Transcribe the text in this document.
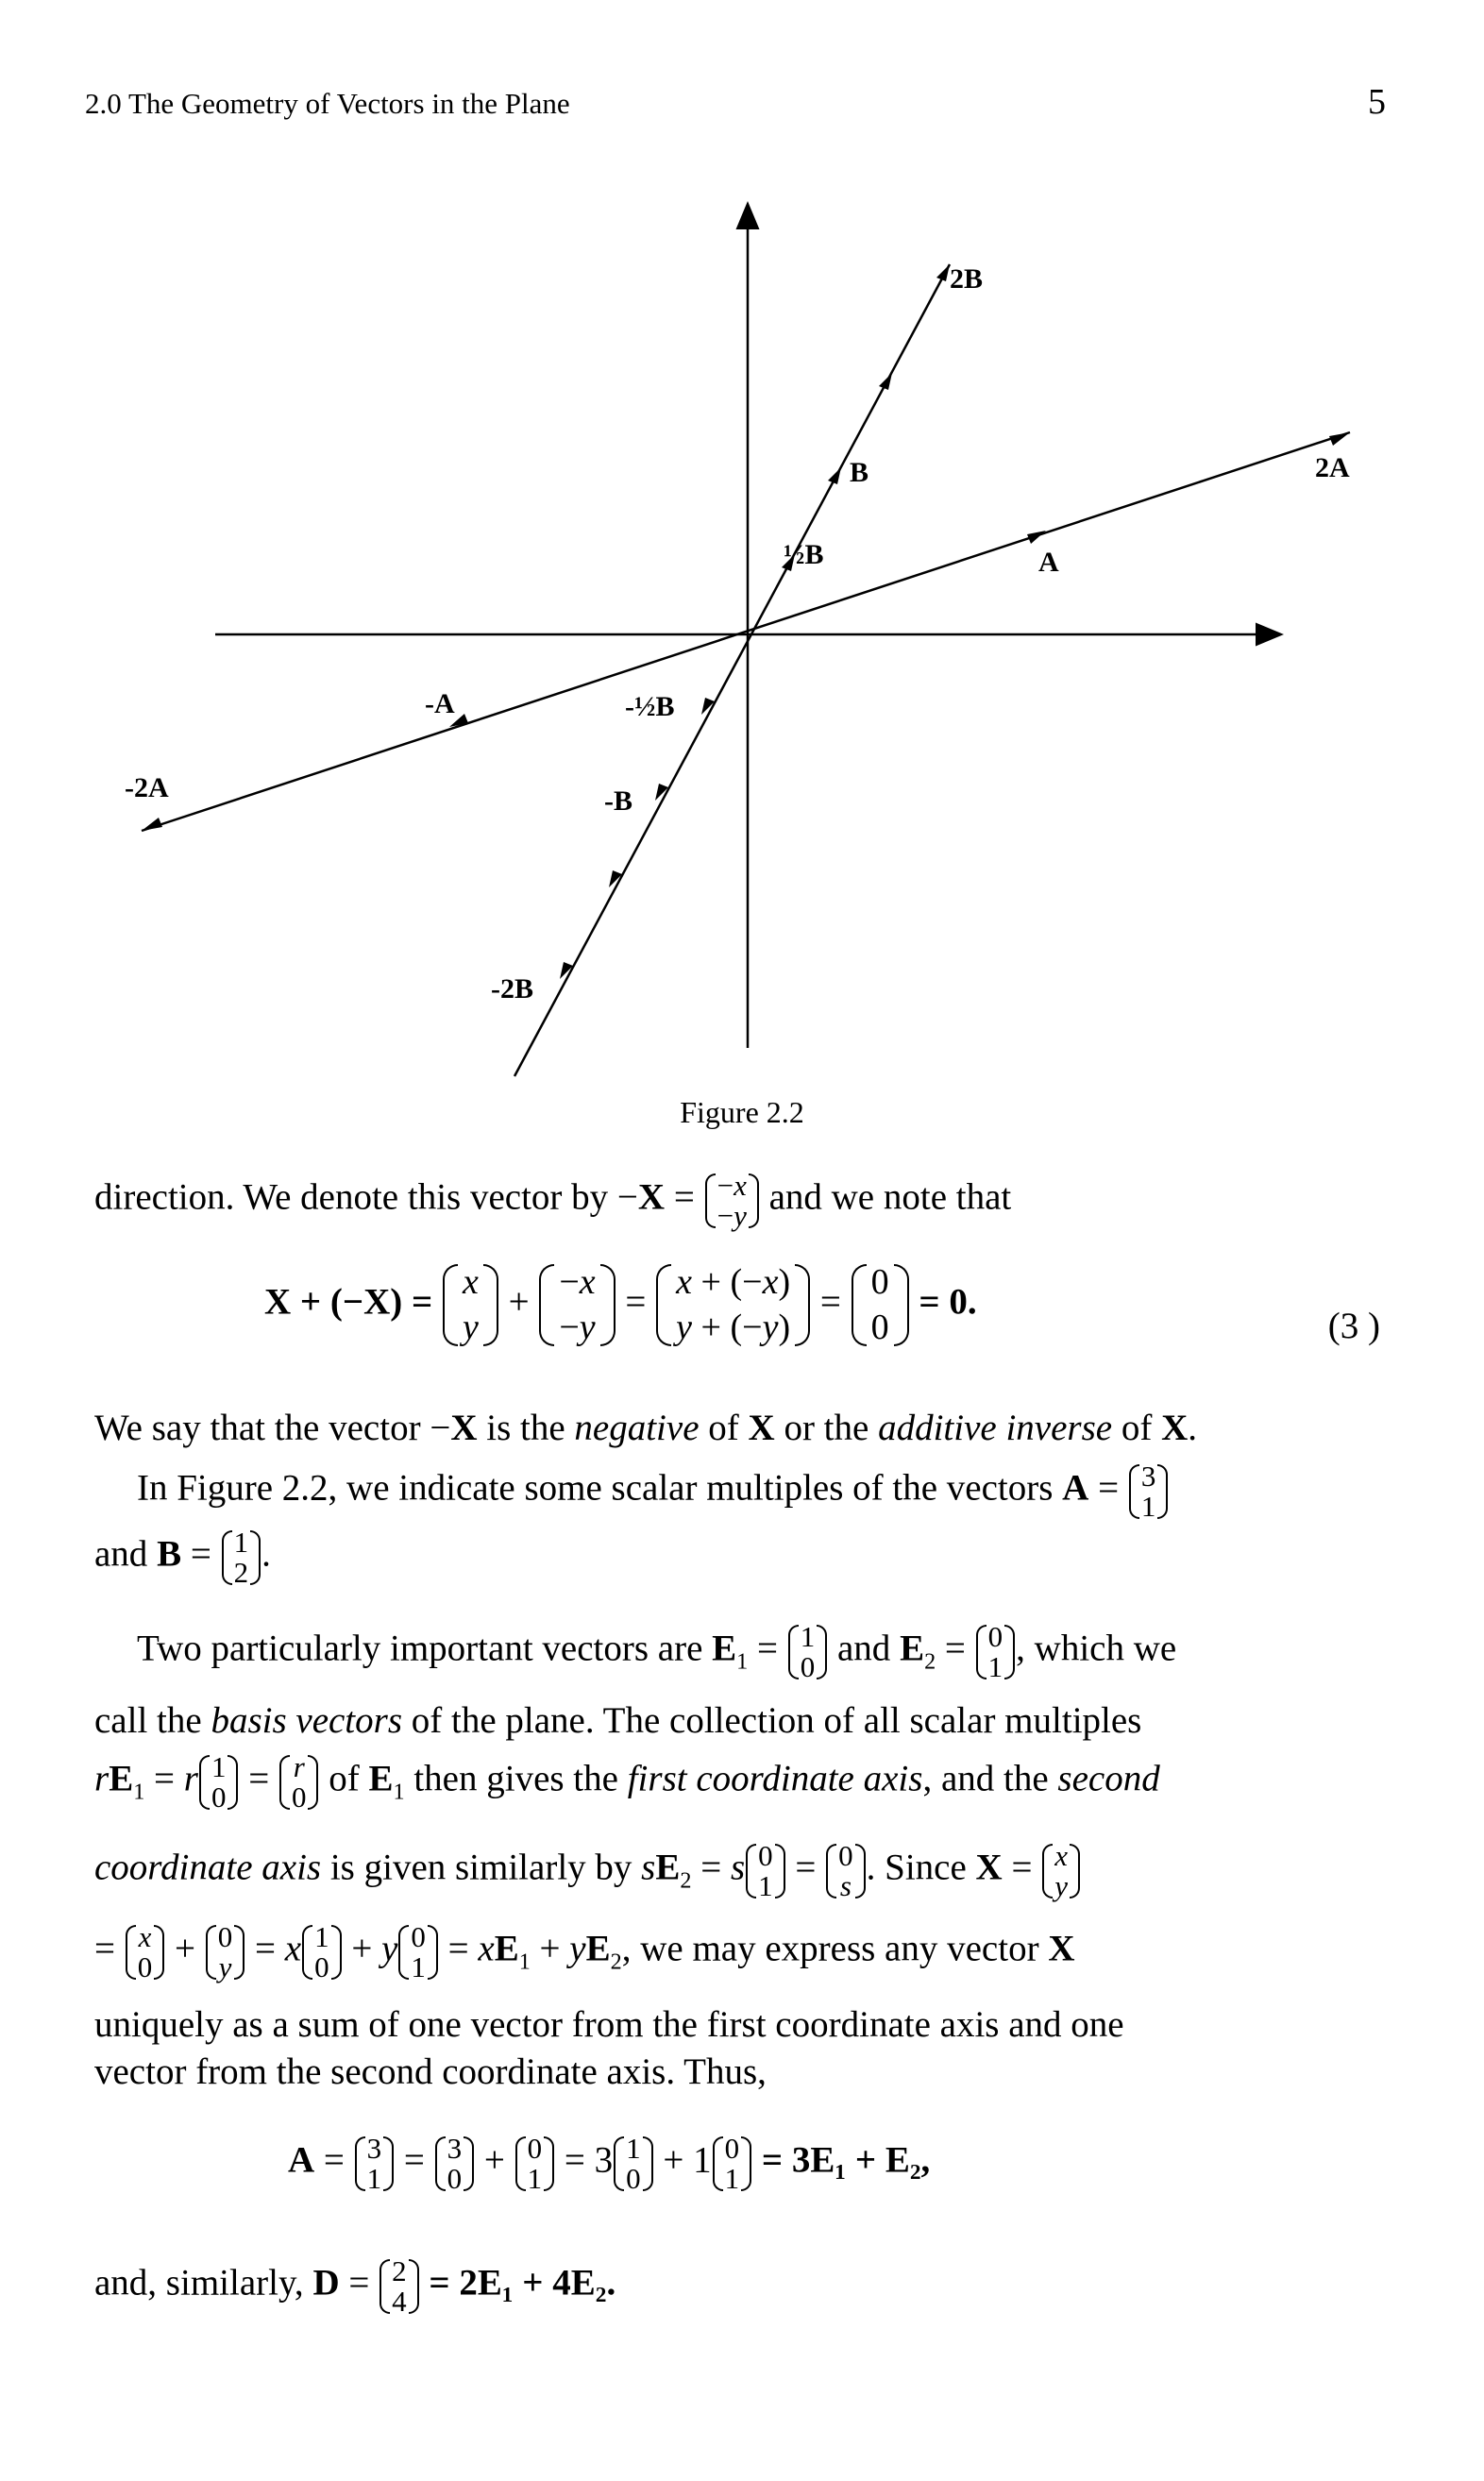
2.0 The Geometry of Vectors in the Plane	5
2B
B
½B	A
2A
-A	-½B
-B
-2A
-2B
Figure 2.2
direction. We denote this vector by −X = −x
−y and we note that
X + (−X) = x
y
+ −x
−y
= x + (−x)
y + (−y)
= 0
0
= 0.
(3 )
We say that the vector −X is the negative of X or the additive inverse of X.
In Figure 2.2, we indicate some scalar multiples of the vectors A = 3
1
and B = 1
2 .
Two particularly important vectors are $E_1 = 1$
0 and $E_2 = 0$
1 , which we
call the basis vectors of the plane. The collection of all scalar multiples
$rE_1 = r$ 1
0 = r
0 of $E_1$ then gives the first coordinate axis, and the second
coordinate axis is given similarly by $sE_2 = s$ 0
1 = 0
s . Since X = x
y
= x
0 + 0
y = x 1
0 + y 0
$1 = xE_1 + yE_2$, we may express any vector X
uniquely as a sum of one vector from the first coordinate axis and one
vector from the second coordinate axis. Thus,
A = 3
1 = 3
0 + 0
1 = 3 1
0 + 1 0
1 = 3E₁ + E₂,
and, similarly, D = 2
4 = 2E₁ + 4E₂.
